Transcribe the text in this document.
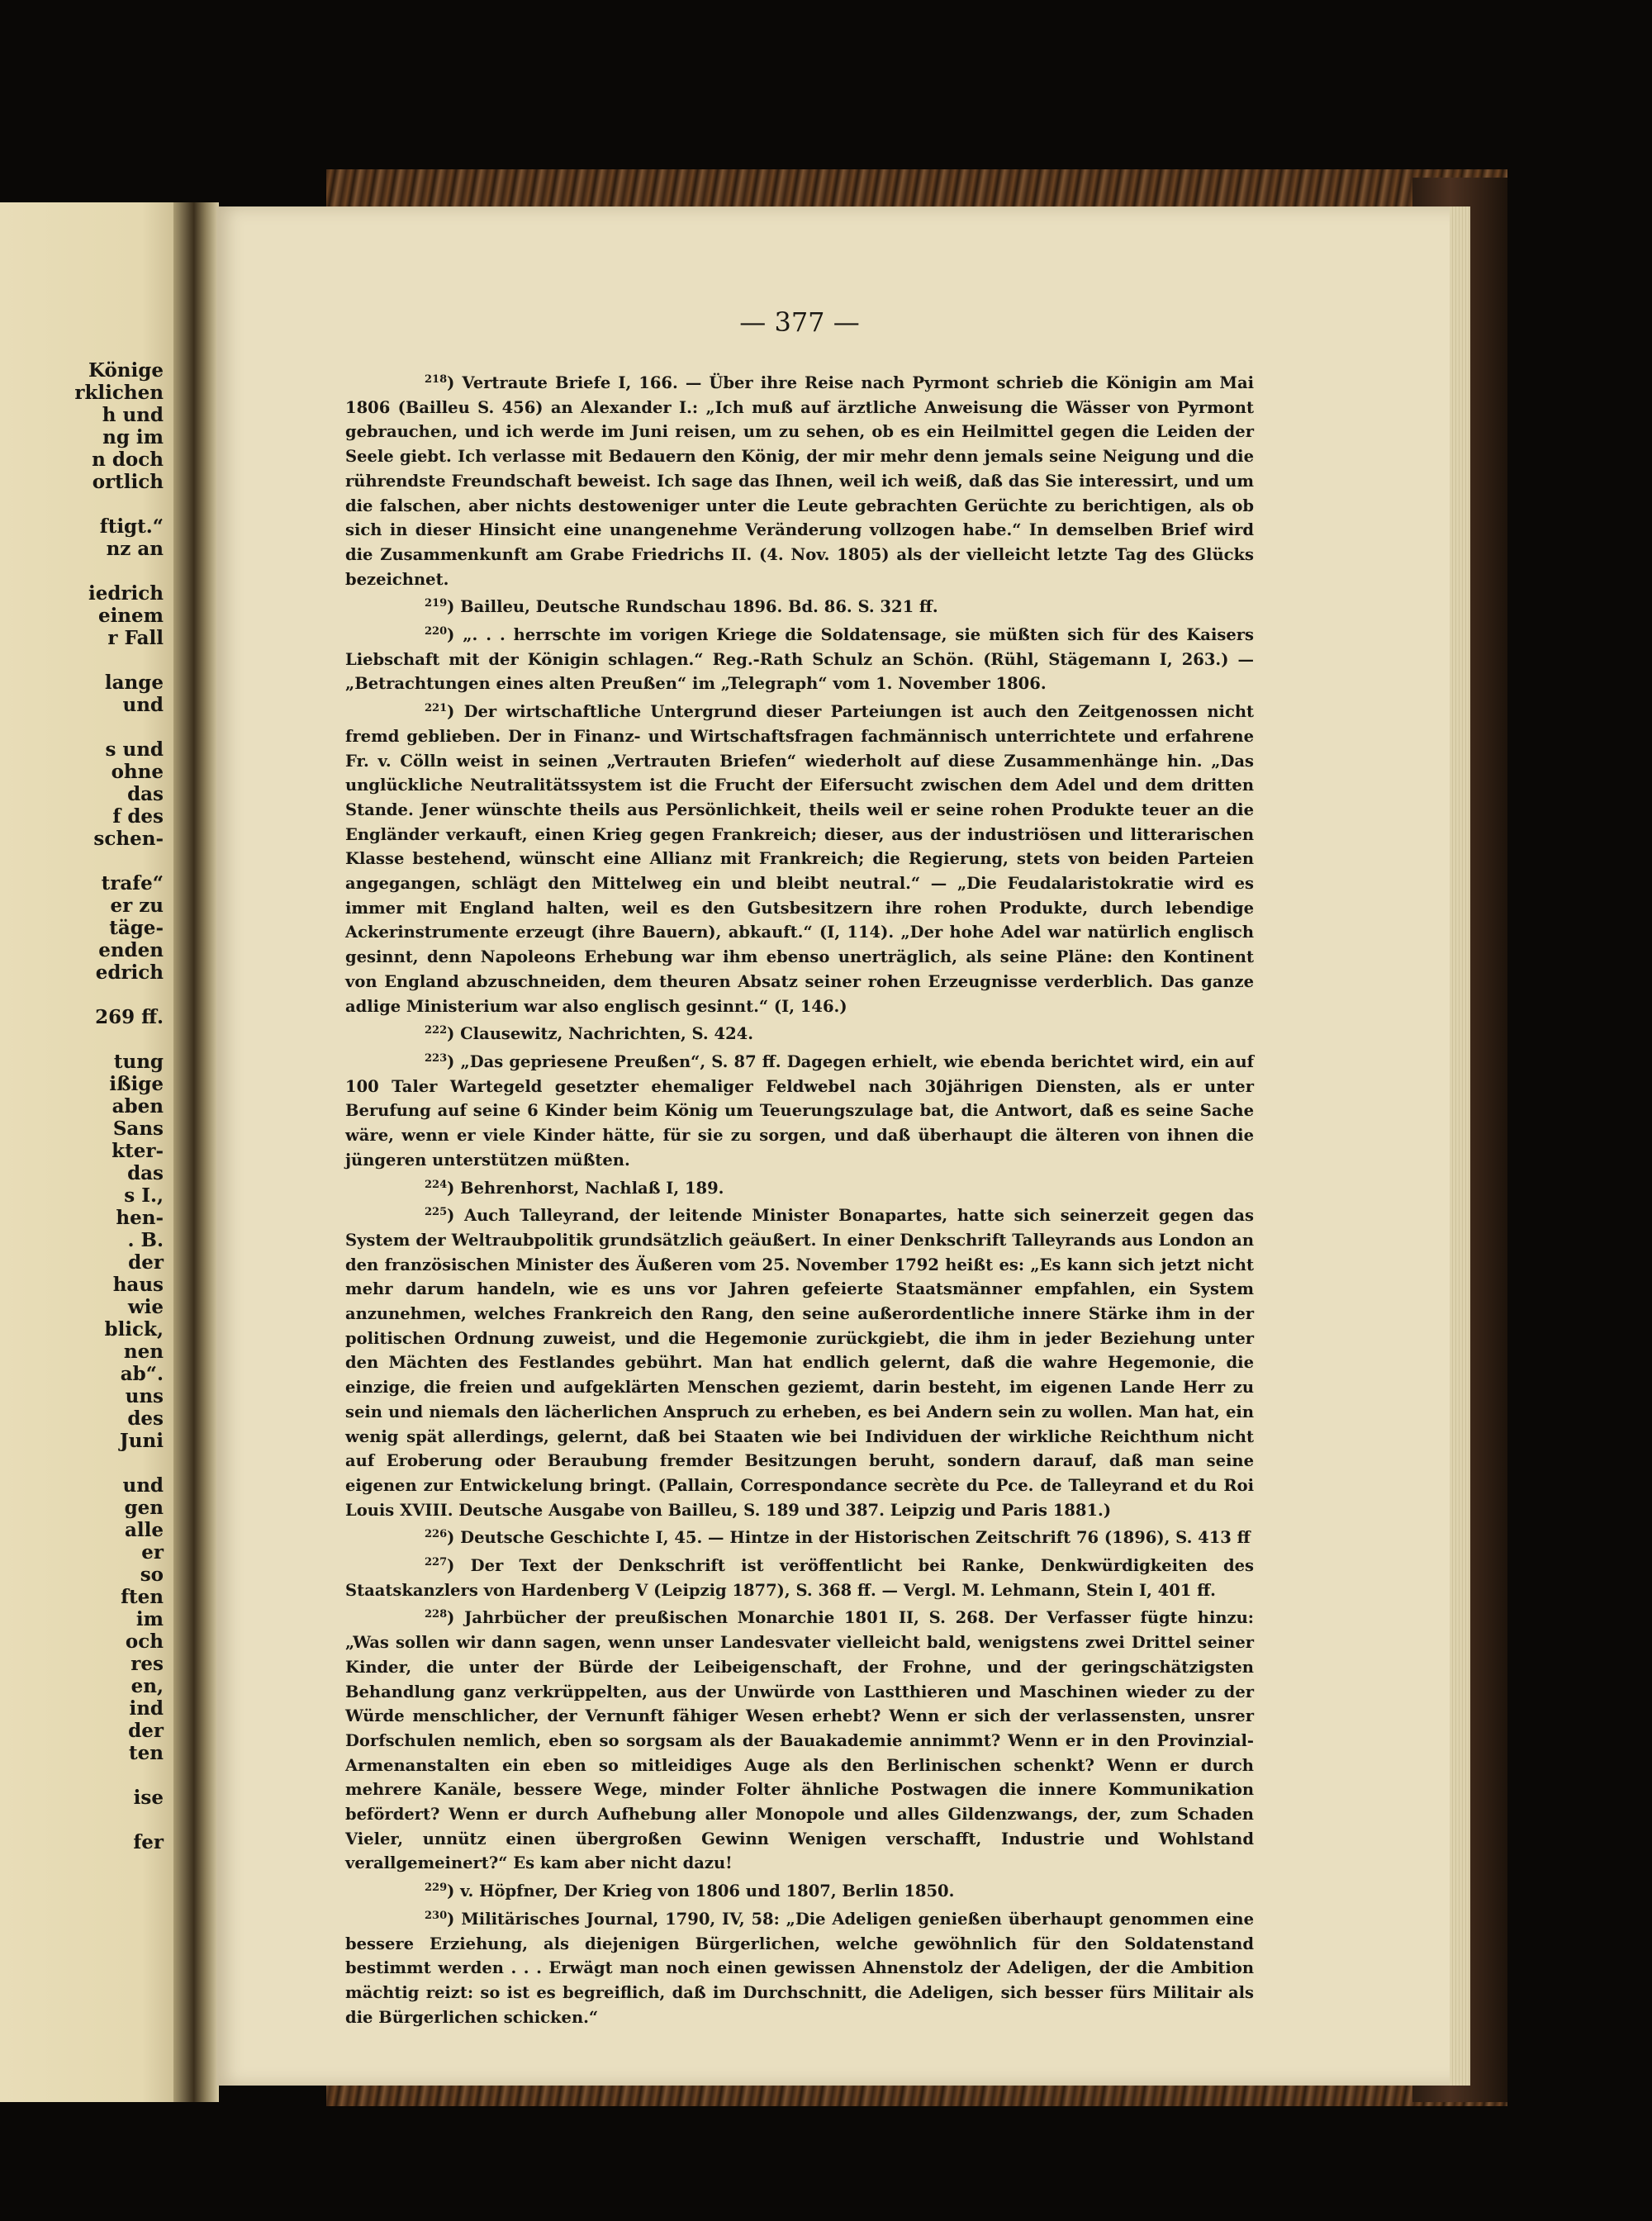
Könige
rklichen
h und
ng im
n doch
ortlich
ftigt.“
nz an
iedrich
einem
r Fall
lange
und
s und
ohne
das
f des
schen-
trafe“
er zu
täge-
enden
edrich
269 ff.
tung
ißige
aben
Sans
kter-
das
s I.,
hen-
. B.
der
haus
wie
blick,
nen
ab“.
uns
des
Juni
und
gen
alle
er
so
ften
im
och
res
en,
ind
der
ten
ise
fer
— 377 —

$^{218}$) Vertraute Briefe I, 166. — Über ihre Reise nach Pyrmont schrieb die Königin am Mai 1806 (Bailleu S. 456) an Alexander I.: „Ich muß auf ärztliche Anweisung die Wässer von Pyrmont gebrauchen, und ich werde im Juni reisen, um zu sehen, ob es ein Heilmittel gegen die Leiden der Seele giebt. Ich verlasse mit Bedauern den König, der mir mehr denn jemals seine Neigung und die rührendste Freundschaft beweist. Ich sage das Ihnen, weil ich weiß, daß das Sie interessirt, und um die falschen, aber nichts destoweniger unter die Leute gebrachten Gerüchte zu berichtigen, als ob sich in dieser Hinsicht eine unangenehme Veränderung vollzogen habe.“ In demselben Brief wird die Zusammenkunft am Grabe Friedrichs II. (4. Nov. 1805) als der vielleicht letzte Tag des Glücks bezeichnet.

$^{219}$) Bailleu, Deutsche Rundschau 1896. Bd. 86. S. 321 ff.

$^{220}$) „. . . herrschte im vorigen Kriege die Soldatensage, sie müßten sich für des Kaisers Liebschaft mit der Königin schlagen.“ Reg.-Rath Schulz an Schön. (Rühl, Stägemann I, 263.) — „Betrachtungen eines alten Preußen“ im „Telegraph“ vom 1. November 1806.

$^{221}$) Der wirtschaftliche Untergrund dieser Parteiungen ist auch den Zeitgenossen nicht fremd geblieben. Der in Finanz- und Wirtschaftsfragen fachmännisch unterrichtete und erfahrene Fr. v. Cölln weist in seinen „Vertrauten Briefen“ wiederholt auf diese Zusammenhänge hin. „Das unglückliche Neutralitätssystem ist die Frucht der Eifersucht zwischen dem Adel und dem dritten Stande. Jener wünschte theils aus Persönlichkeit, theils weil er seine rohen Produkte teuer an die Engländer verkauft, einen Krieg gegen Frankreich; dieser, aus der industriösen und litterarischen Klasse bestehend, wünscht eine Allianz mit Frankreich; die Regierung, stets von beiden Parteien angegangen, schlägt den Mittelweg ein und bleibt neutral.“ — „Die Feudalaristokratie wird es immer mit England halten, weil es den Gutsbesitzern ihre rohen Produkte, durch lebendige Ackerinstrumente erzeugt (ihre Bauern), abkauft.“ (I, 114). „Der hohe Adel war natürlich englisch gesinnt, denn Napoleons Erhebung war ihm ebenso unerträglich, als seine Pläne: den Kontinent von England abzuschneiden, dem theuren Absatz seiner rohen Erzeugnisse verderblich. Das ganze adlige Ministerium war also englisch gesinnt.“ (I, 146.)

$^{222}$) Clausewitz, Nachrichten, S. 424.

$^{223}$) „Das gepriesene Preußen“, S. 87 ff. Dagegen erhielt, wie ebenda berichtet wird, ein auf 100 Taler Wartegeld gesetzter ehemaliger Feldwebel nach 30jährigen Diensten, als er unter Berufung auf seine 6 Kinder beim König um Teuerungszulage bat, die Antwort, daß es seine Sache wäre, wenn er viele Kinder hätte, für sie zu sorgen, und daß überhaupt die älteren von ihnen die jüngeren unterstützen müßten.

$^{224}$) Behrenhorst, Nachlaß I, 189.

$^{225}$) Auch Talleyrand, der leitende Minister Bonapartes, hatte sich seinerzeit gegen das System der Weltraubpolitik grundsätzlich geäußert. In einer Denkschrift Talleyrands aus London an den französischen Minister des Äußeren vom 25. November 1792 heißt es: „Es kann sich jetzt nicht mehr darum handeln, wie es uns vor Jahren gefeierte Staatsmänner empfahlen, ein System anzunehmen, welches Frankreich den Rang, den seine außerordentliche innere Stärke ihm in der politischen Ordnung zuweist, und die Hegemonie zurückgiebt, die ihm in jeder Beziehung unter den Mächten des Festlandes gebührt. Man hat endlich gelernt, daß die wahre Hegemonie, die einzige, die freien und aufgeklärten Menschen geziemt, darin besteht, im eigenen Lande Herr zu sein und niemals den lächerlichen Anspruch zu erheben, es bei Andern sein zu wollen. Man hat, ein wenig spät allerdings, gelernt, daß bei Staaten wie bei Individuen der wirkliche Reichthum nicht auf Eroberung oder Beraubung fremder Besitzungen beruht, sondern darauf, daß man seine eigenen zur Entwickelung bringt. (Pallain, Correspondance secrète du Pce. de Talleyrand et du Roi Louis XVIII. Deutsche Ausgabe von Bailleu, S. 189 und 387. Leipzig und Paris 1881.)

$^{226}$) Deutsche Geschichte I, 45. — Hintze in der Historischen Zeitschrift 76 (1896), S. 413 ff

$^{227}$) Der Text der Denkschrift ist veröffentlicht bei Ranke, Denkwürdigkeiten des Staatskanzlers von Hardenberg V (Leipzig 1877), S. 368 ff. — Vergl. M. Lehmann, Stein I, 401 ff.

$^{228}$) Jahrbücher der preußischen Monarchie 1801 II, S. 268. Der Verfasser fügte hinzu: „Was sollen wir dann sagen, wenn unser Landesvater vielleicht bald, wenigstens zwei Drittel seiner Kinder, die unter der Bürde der Leibeigenschaft, der Frohne, und der geringschätzigsten Behandlung ganz verkrüppelten, aus der Unwürde von Lastthieren und Maschinen wieder zu der Würde menschlicher, der Vernunft fähiger Wesen erhebt? Wenn er sich der verlassensten, unsrer Dorfschulen nemlich, eben so sorgsam als der Bauakademie annimmt? Wenn er in den Provinzial-Armenanstalten ein eben so mitleidiges Auge als den Berlinischen schenkt? Wenn er durch mehrere Kanäle, bessere Wege, minder Folter ähnliche Postwagen die innere Kommunikation befördert? Wenn er durch Aufhebung aller Monopole und alles Gildenzwangs, der, zum Schaden Vieler, unnütz einen übergroßen Gewinn Wenigen verschafft, Industrie und Wohlstand verallgemeinert?“ Es kam aber nicht dazu!

$^{229}$) v. Höpfner, Der Krieg von 1806 und 1807, Berlin 1850.

$^{230}$) Militärisches Journal, 1790, IV, 58: „Die Adeligen genießen überhaupt genommen eine bessere Erziehung, als diejenigen Bürgerlichen, welche gewöhnlich für den Soldatenstand bestimmt werden . . . Erwägt man noch einen gewissen Ahnenstolz der Adeligen, der die Ambition mächtig reizt: so ist es begreiflich, daß im Durchschnitt, die Adeligen, sich besser fürs Militair als die Bürgerlichen schicken.“
